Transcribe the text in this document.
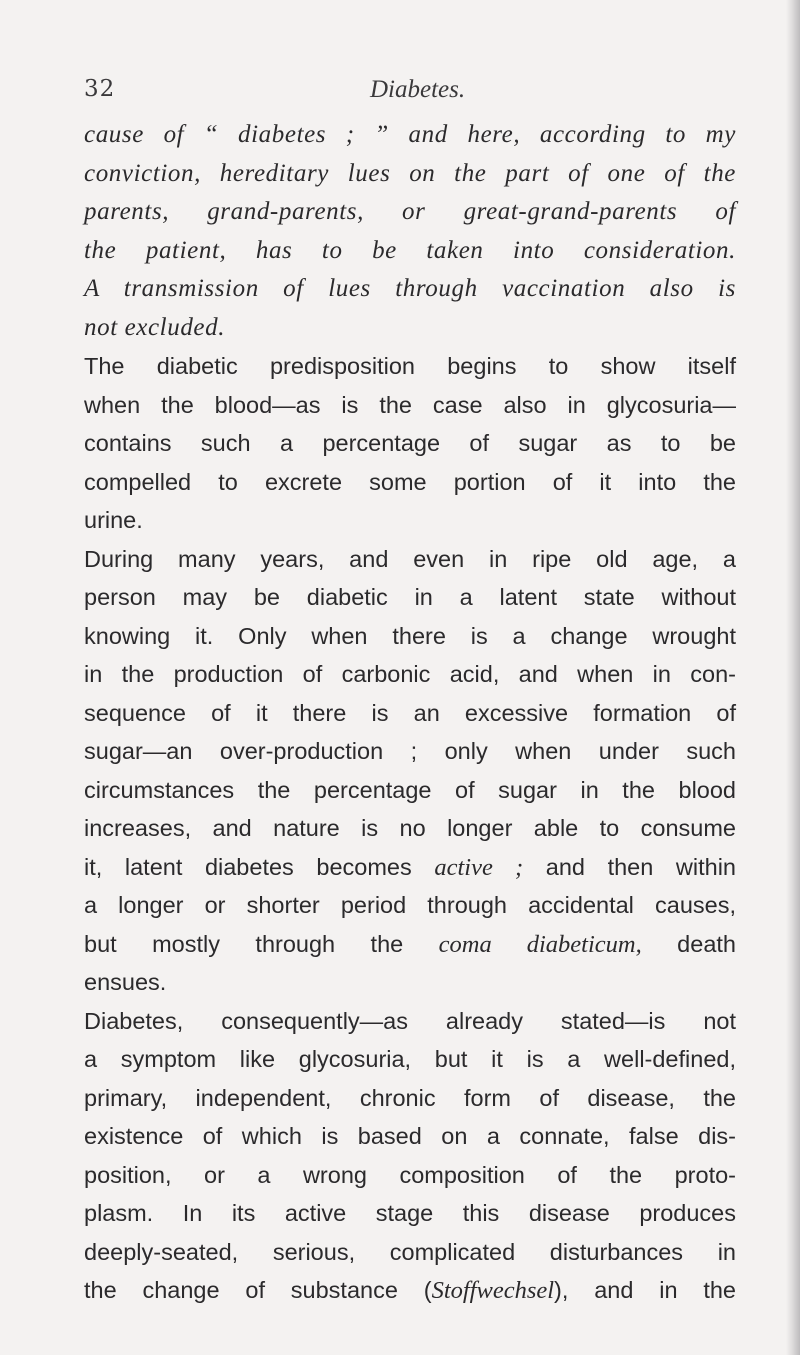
32	Diabetes.
cause of “ diabetes ; ” and here, according to my
conviction, hereditary lues on the part of one of the
parents, grand-parents, or great-grand-parents of
the patient, has to be taken into consideration.
A transmission of lues through vaccination also is
not excluded.
The diabetic predisposition begins to show itself
when the blood—as is the case also in glycosuria—
contains such a percentage of sugar as to be
compelled to excrete some portion of it into the
urine.
During many years, and even in ripe old age, a
person may be diabetic in a latent state without
knowing it. Only when there is a change wrought
in the production of carbonic acid, and when in con-
sequence of it there is an excessive formation of
sugar—an over-production ; only when under such
circumstances the percentage of sugar in the blood
increases, and nature is no longer able to consume
it, latent diabetes becomes active ; and then within
a longer or shorter period through accidental causes,
but mostly through the coma diabeticum, death
ensues.
Diabetes, consequently—as already stated—is not
a symptom like glycosuria, but it is a well-defined,
primary, independent, chronic form of disease, the
existence of which is based on a connate, false dis-
position, or a wrong composition of the proto-
plasm. In its active stage this disease produces
deeply-seated, serious, complicated disturbances in
the change of substance (Stoffwechsel), and in the
